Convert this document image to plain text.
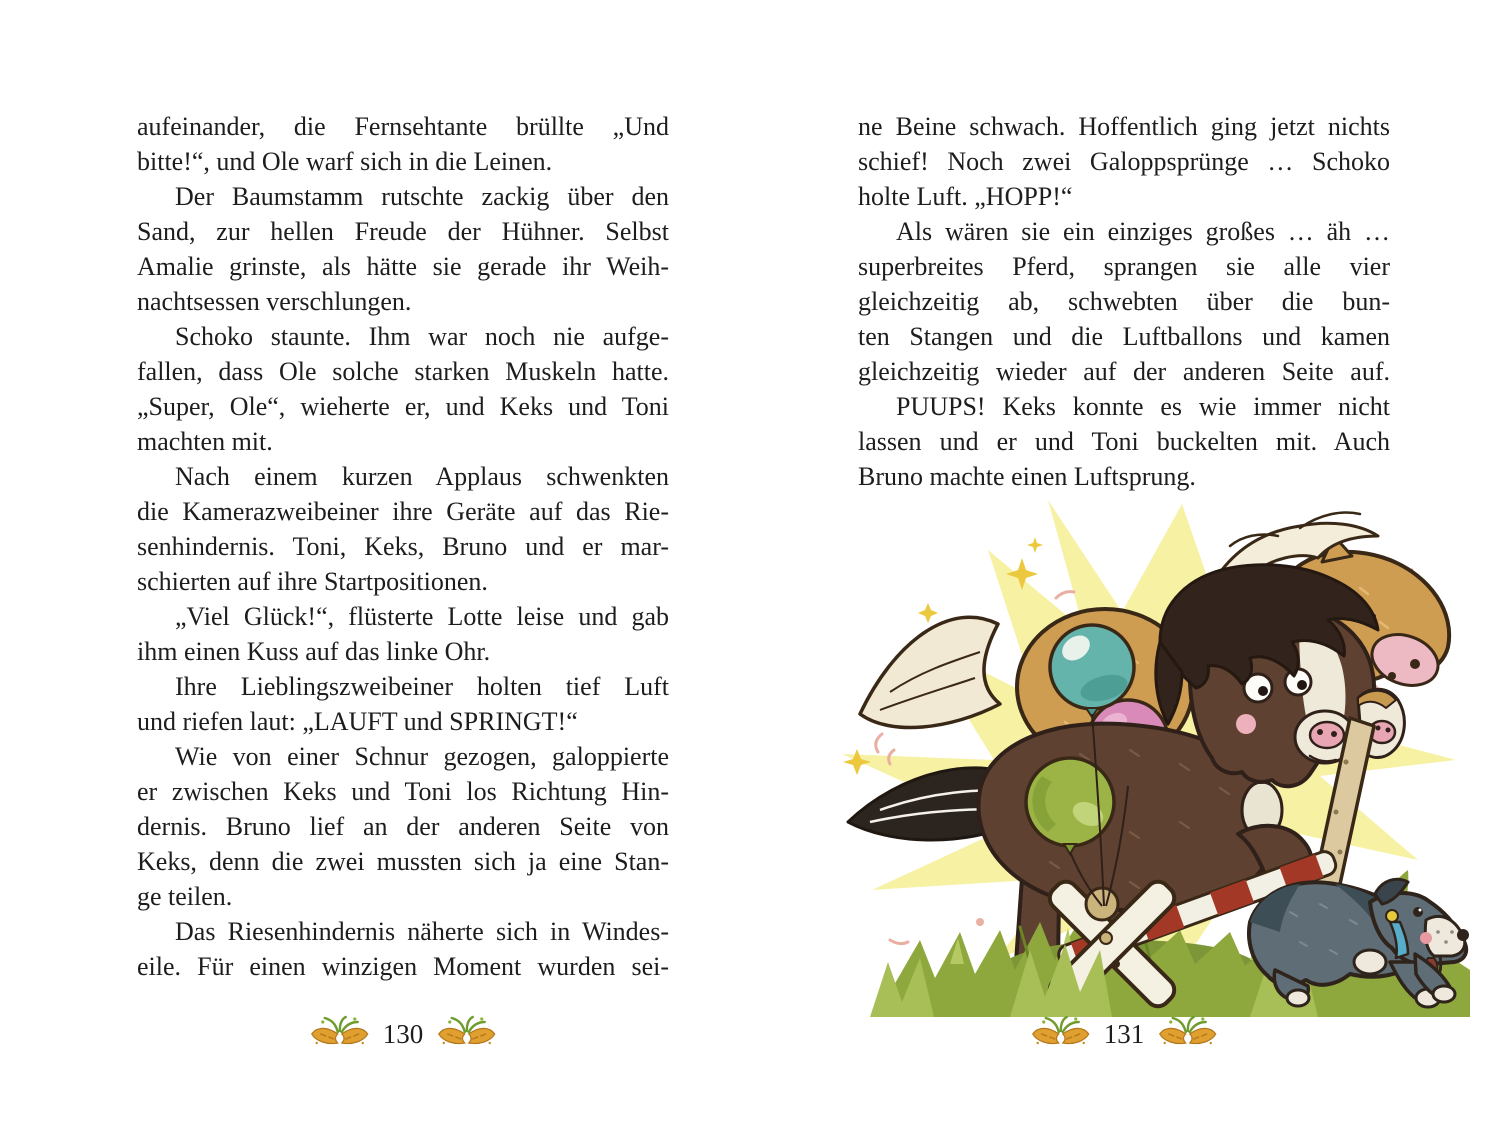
aufeinander, die Fernsehtante brüllte „Und
bitte!“, und Ole warf sich in die Leinen.
Der Baumstamm rutschte zackig über den
Sand, zur hellen Freude der Hühner. Selbst
Amalie grinste, als hätte sie gerade ihr Weih-
nachtsessen verschlungen.
Schoko staunte. Ihm war noch nie aufge-
fallen, dass Ole solche starken Muskeln hatte.
„Super, Ole“, wieherte er, und Keks und Toni
machten mit.
Nach einem kurzen Applaus schwenkten
die Kamerazweibeiner ihre Geräte auf das Rie-
senhindernis. Toni, Keks, Bruno und er mar-
schierten auf ihre Startpositionen.
„Viel Glück!“, flüsterte Lotte leise und gab
ihm einen Kuss auf das linke Ohr.
Ihre Lieblingszweibeiner holten tief Luft
und riefen laut: „LAUFT und SPRINGT!“
Wie von einer Schnur gezogen, galoppierte
er zwischen Keks und Toni los Richtung Hin-
dernis. Bruno lief an der anderen Seite von
Keks, denn die zwei mussten sich ja eine Stan-
ge teilen.
Das Riesenhindernis näherte sich in Windes-
eile. Für einen winzigen Moment wurden sei-
ne Beine schwach. Hoffentlich ging jetzt nichts
schief! Noch zwei Galoppsprünge … Schoko
holte Luft. „HOPP!“
Als wären sie ein einziges großes … äh …
superbreites Pferd, sprangen sie alle vier
gleichzeitig ab, schwebten über die bun-
ten Stangen und die Luftballons und kamen
gleichzeitig wieder auf der anderen Seite auf.
PUUPS! Keks konnte es wie immer nicht
lassen und er und Toni buckelten mit. Auch
Bruno machte einen Luftsprung.
130	131
